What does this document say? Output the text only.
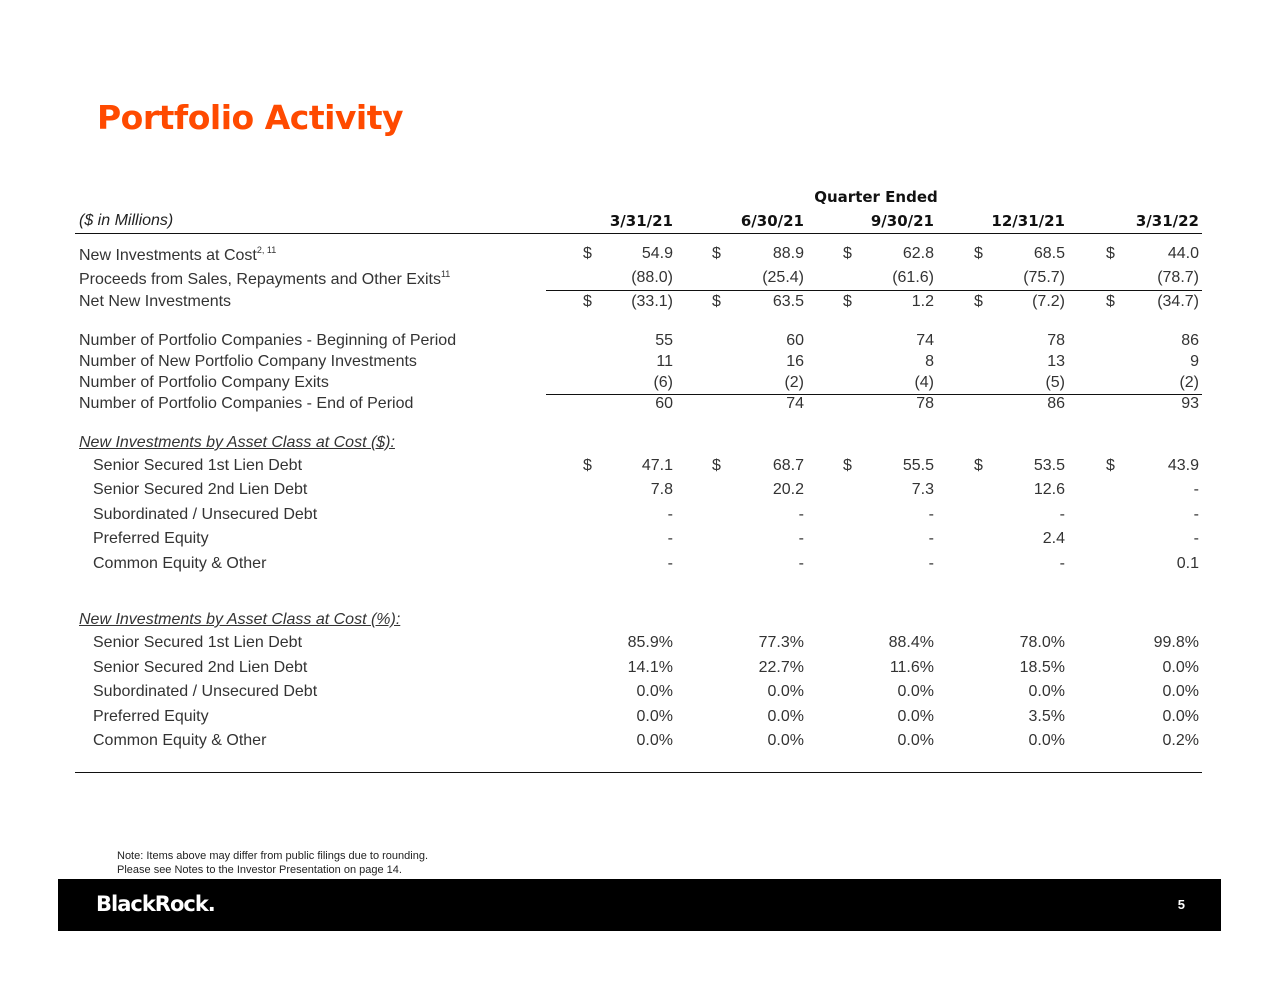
Portfolio Activity
Quarter Ended
($ in Millions)	3/31/21	6/30/21	9/30/21	12/31/21	3/31/22
New Investments at Cost$^{2, 11}$	$	54.9 $	88.9 $	62.8	$	68.5	$	44.0
Proceeds from Sales, Repayments and Other Exits$^{11}$	(88.0)	(25.4)	(61.6)	(75.7)	(78.7)
Net New Investments	$	(33.1) $	63.5 $	1.2	$	(7.2)	$	(34.7)
Number of Portfolio Companies - Beginning of Period	55	60	74	78	86
Number of New Portfolio Company Investments	11	16	8	13	9
Number of Portfolio Company Exits	(6)	(2)	(4)	(5)	(2)
Number of Portfolio Companies - End of Period	60	74	78	86	93
New Investments by Asset Class at Cost ($):
Senior Secured 1st Lien Debt	$	47.1 $	68.7 $	55.5	$	53.5	$	43.9
Senior Secured 2nd Lien Debt	7.8	20.2	7.3	12.6	-
Subordinated / Unsecured Debt	-	-	-	-	-
Preferred Equity	-	-	-	2.4	-
Common Equity & Other	-	-	-	-	0.1
New Investments by Asset Class at Cost (%):
Senior Secured 1st Lien Debt	85.9%	77.3%	88.4%	78.0%	99.8%
Senior Secured 2nd Lien Debt	14.1%	22.7%	11.6%	18.5%	0.0%
Subordinated / Unsecured Debt	0.0%	0.0%	0.0%	0.0%	0.0%
Preferred Equity	0.0%	0.0%	0.0%	3.5%	0.0%
Common Equity & Other	0.0%	0.0%	0.0%	0.0%	0.2%
Note: Items above may differ from public filings due to rounding.
Please see Notes to the Investor Presentation on page 14.
BlackRock.	5
